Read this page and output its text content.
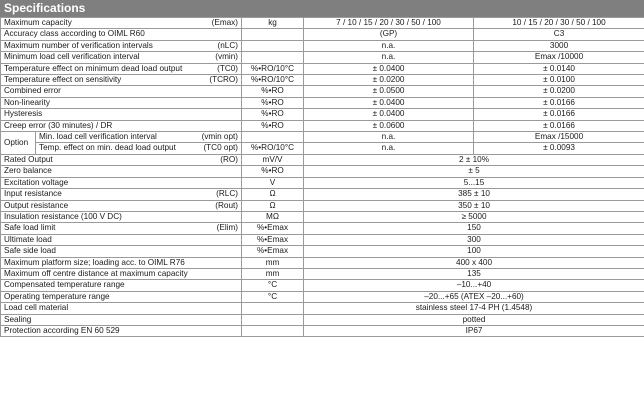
Specifications
Maximum capacity (Emax)		kg	7 / 10 / 15 / 20 / 30 / 50 / 100	10 / 15 / 20 / 30 / 50 / 100
Accuracy class according to OIML R60			(GP)	C3
Maximum number of verification intervals (nLC)			n.a.	3000
Minimum load cell verification interval (vmin)			n.a.	Emax /10000
Temperature effect on minimum dead load output (TC0)		%•RO/10°C	± 0.0400	± 0.0140
Temperature effect on sensitivity (TCRO)		%•RO/10°C	± 0.0200	± 0.0100
Combined error		%•RO	± 0.0500	± 0.0200
Non-linearity		%•RO	± 0.0400	± 0.0166
Hysteresis		%•RO	± 0.0400	± 0.0166
Creep error (30 minutes) / DR		%•RO	± 0.0600	± 0.0166
Option	Min. load cell verification interval (vmin opt)		n.a.	Emax /15000
	Temp. effect on min. dead load output (TC0 opt)	%•RO/10°C	n.a.	± 0.0093
Rated Output (RO)		mV/V	2 ± 10%	
Zero balance		%•RO	± 5	
Excitation voltage		V	5...15	
Input resistance (RLC)		Ω	385 ± 10	
Output resistance (Rout)		Ω	350 ± 10	
Insulation resistance (100 V DC)		MΩ	≥ 5000	
Safe load limit (Elim)		%•Emax	150	
Ultimate load		%•Emax	300	
Safe side load		%•Emax	100	
Maximum platform size; loading acc. to OIML R76		mm	400 x 400	
Maximum off centre distance at maximum capacity		mm	135	
Compensated temperature range		°C	–10...+40	
Operating temperature range		°C	–20...+65 (ATEX –20...+60)	
Load cell material			stainless steel 17-4 PH (1.4548)	
Sealing			potted	
Protection according EN 60 529			IP67	
